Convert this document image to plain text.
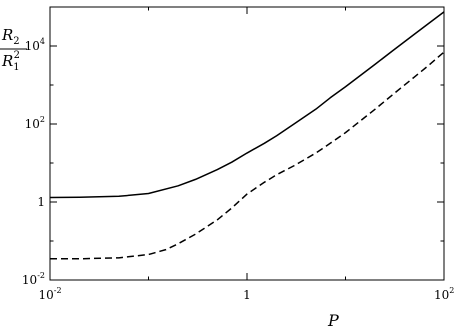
$10^{-2}$	1	$10^2$
$10^{-2}$
1
$10^2$
$10^4$
P
$R_2$
$R_12$
